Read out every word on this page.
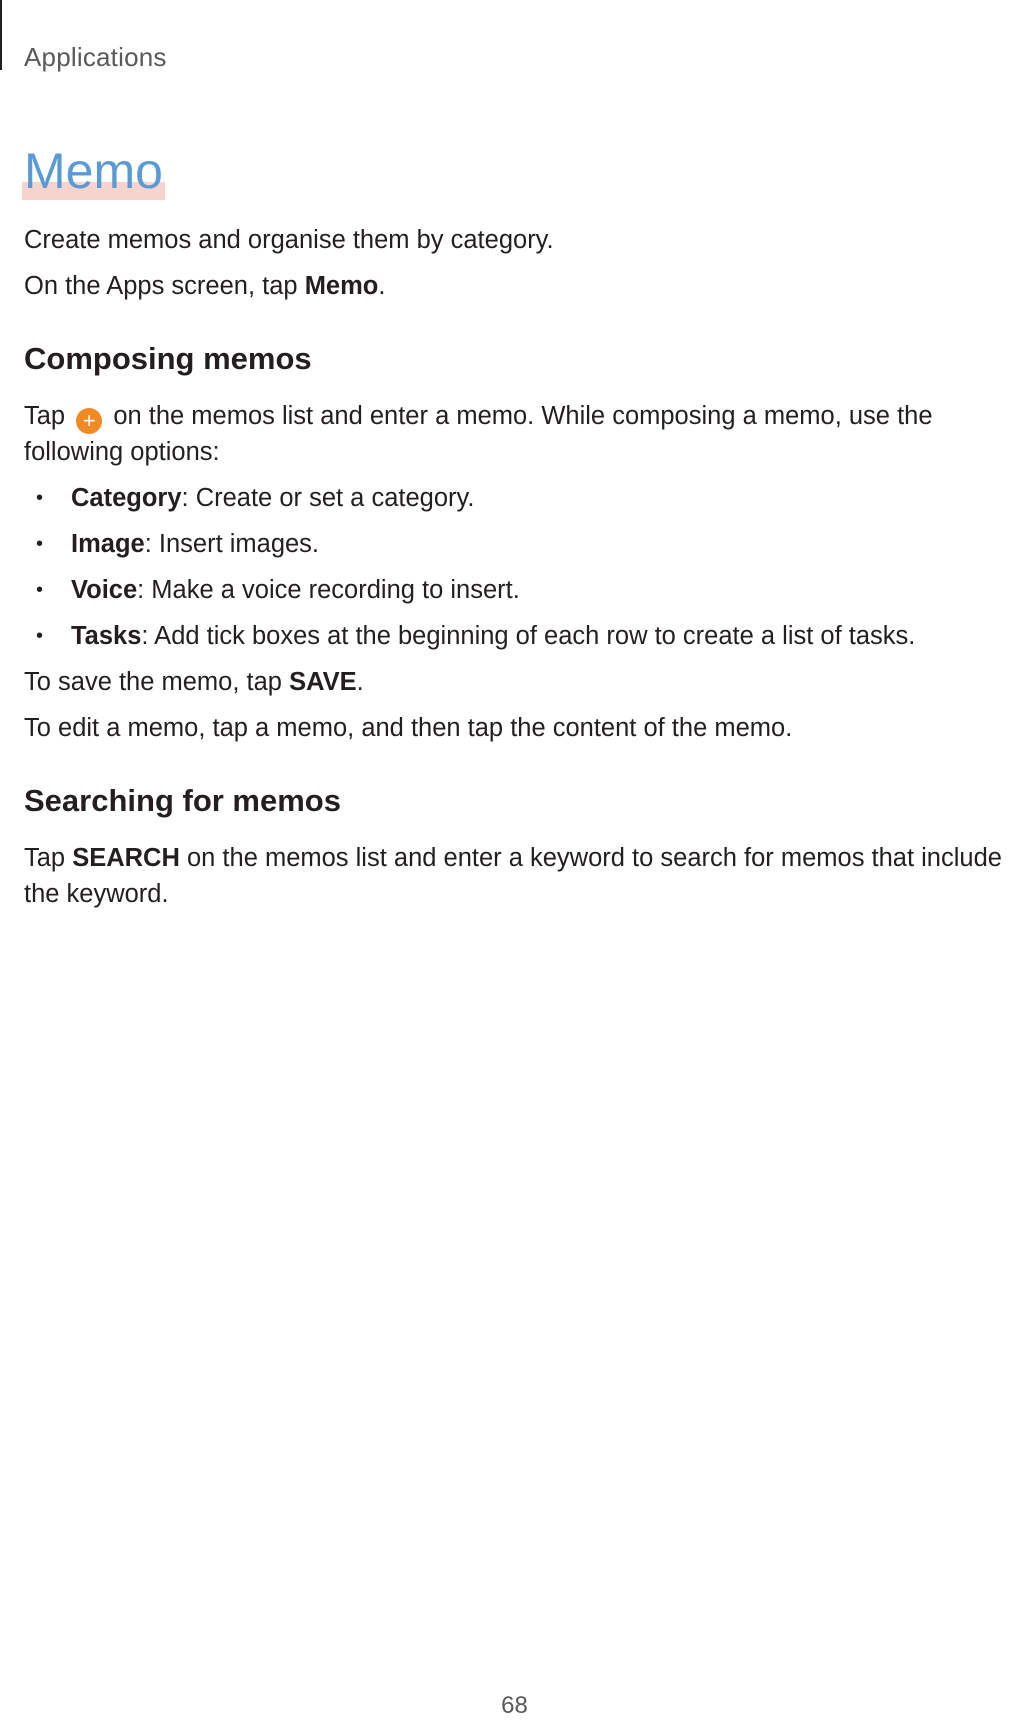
Applications
Memo

Create memos and organise them by category.

On the Apps screen, tap Memo.

Composing memos

Tap + on the memos list and enter a memo. While composing a memo, use the following options:

• Category: Create or set a category.
• Image: Insert images.
• Voice: Make a voice recording to insert.
• Tasks: Add tick boxes at the beginning of each row to create a list of tasks.

To save the memo, tap SAVE.

To edit a memo, tap a memo, and then tap the content of the memo.

Searching for memos

Tap SEARCH on the memos list and enter a keyword to search for memos that include the keyword.

68
